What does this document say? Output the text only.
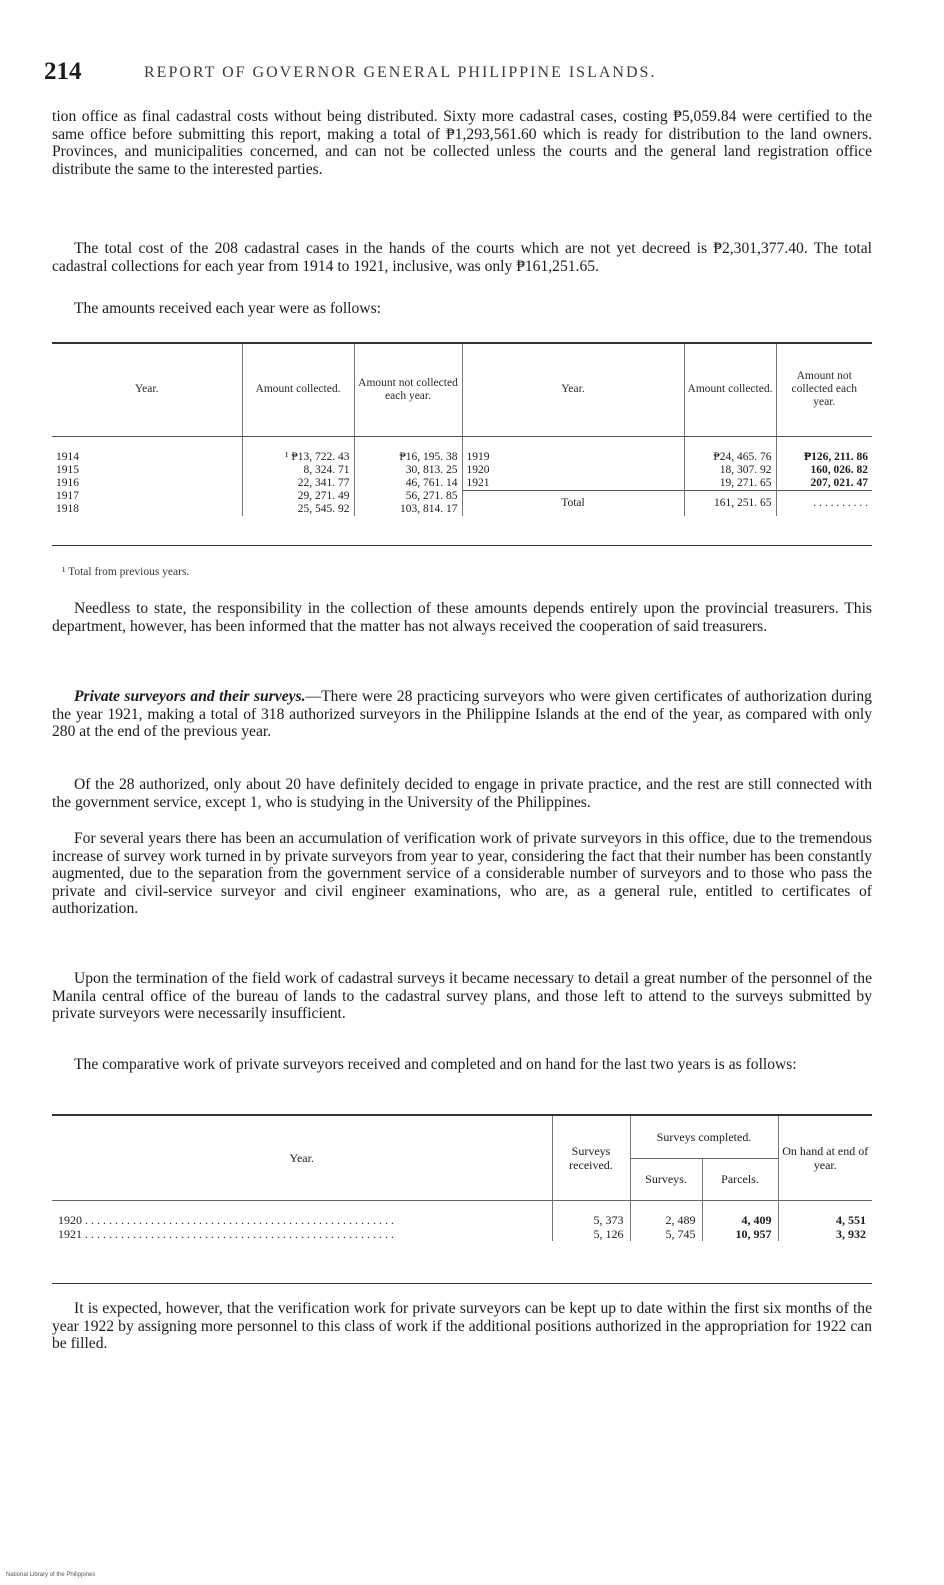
214	REPORT OF GOVERNOR GENERAL PHILIPPINE ISLANDS.

tion office as final cadastral costs without being distributed. Sixty more cadastral cases, costing ₱5,059.84 were certified to the same office before submitting this report, making a total of ₱1,293,561.60 which is ready for distribution to the land owners. Provinces, and municipalities concerned, and can not be collected unless the courts and the general land registration office distribute the same to the interested parties.

The total cost of the 208 cadastral cases in the hands of the courts which are not yet decreed is ₱2,301,377.40. The total cadastral collections for each year from 1914 to 1921, inclusive, was only ₱161,251.65.

The amounts received each year were as follows:

Year.	Amount collected.	Amount not collected each year.	Year.	Amount collected.	Amount not collected each year.
1914	¹ ₱13, 722. 43	₱16, 195. 38	1919	₱24, 465. 76	₱126, 211. 86
1915	8, 324. 71	30, 813. 25	1920	18, 307. 92	160, 026. 82
1916	22, 341. 77	46, 761. 14	1921	19, 271. 65	207, 021. 47
1917	29, 271. 49	56, 271. 85	Total	161, 251. 65	. . . . . . . . . .
1918	25, 545. 92	103, 814. 17			
¹ Total from previous years.

Needless to state, the responsibility in the collection of these amounts depends entirely upon the provincial treasurers. This department, however, has been informed that the matter has not always received the cooperation of said treasurers.

Private surveyors and their surveys.—There were 28 practicing surveyors who were given certificates of authorization during the year 1921, making a total of 318 authorized surveyors in the Philippine Islands at the end of the year, as compared with only 280 at the end of the previous year.

Of the 28 authorized, only about 20 have definitely decided to engage in private practice, and the rest are still connected with the government service, except 1, who is studying in the University of the Philippines.

For several years there has been an accumulation of verification work of private surveyors in this office, due to the tremendous increase of survey work turned in by private surveyors from year to year, considering the fact that their number has been constantly augmented, due to the separation from the government service of a considerable number of surveyors and to those who pass the private and civil-service surveyor and civil engineer examinations, who are, as a general rule, entitled to certificates of authorization.

Upon the termination of the field work of cadastral surveys it became necessary to detail a great number of the personnel of the Manila central office of the bureau of lands to the cadastral survey plans, and those left to attend to the surveys submitted by private surveyors were necessarily insufficient.

The comparative work of private surveyors received and completed and on hand for the last two years is as follows:

Year.	Surveys received.	Surveys completed.		On hand at end of year.
		Surveys.	Parcels.	
1920 . . . . . . . . . . . . . . . . . . . . . . . . . . . . . . . . . . . . . . . . . . . . . . . . . . . .	5, 373	2, 489	4, 409	4, 551
1921 . . . . . . . . . . . . . . . . . . . . . . . . . . . . . . . . . . . . . . . . . . . . . . . . . . . .	5, 126	5, 745	10, 957	3, 932

It is expected, however, that the verification work for private surveyors can be kept up to date within the first six months of the year 1922 by assigning more personnel to this class of work if the additional positions authorized in the appropriation for 1922 can be filled.

National Library of the Philippines
